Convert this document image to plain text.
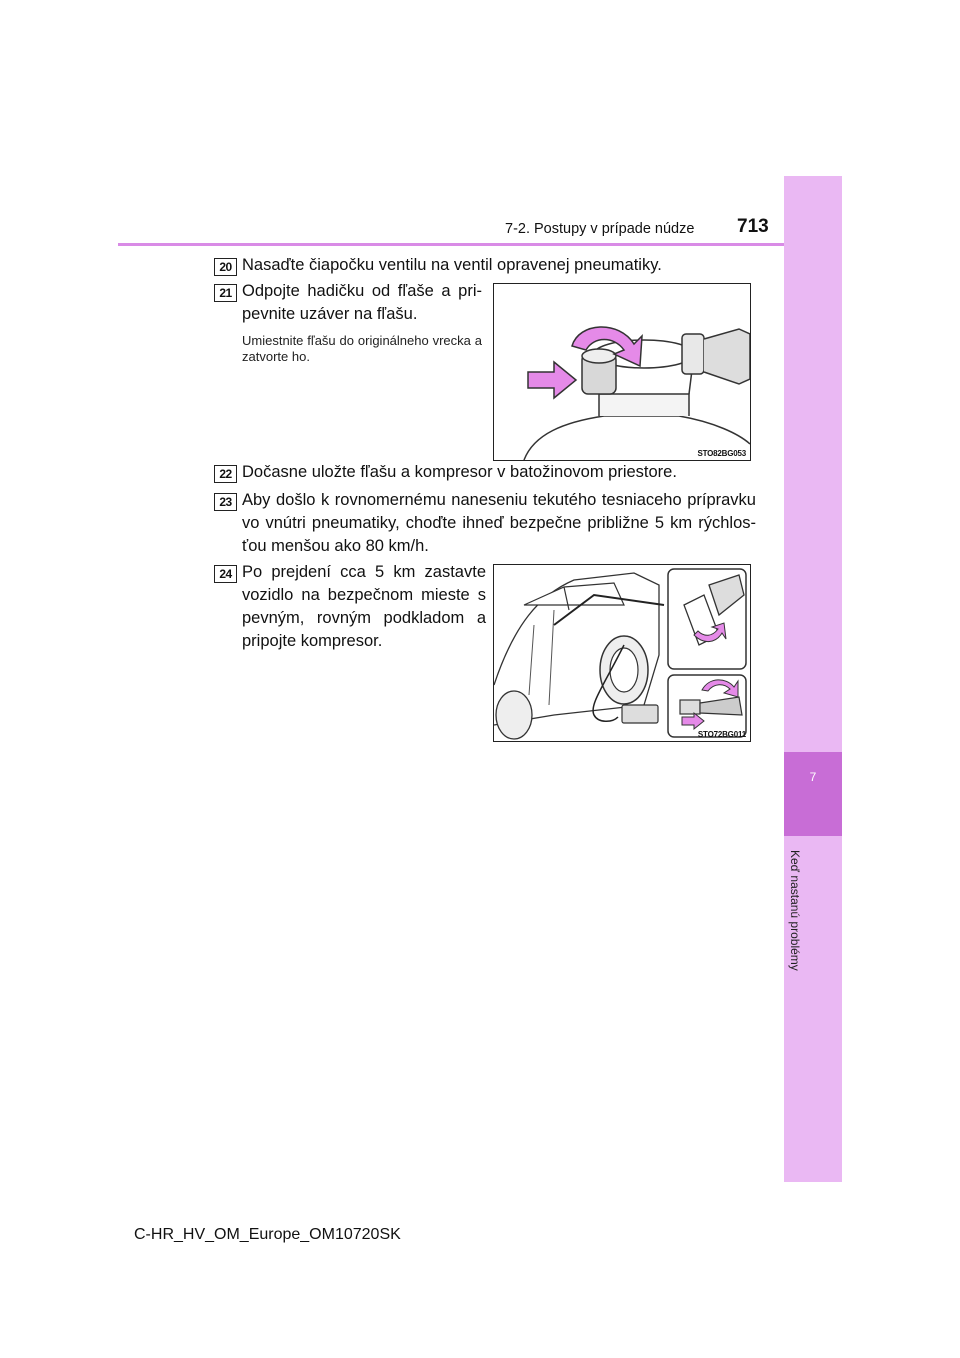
7
Keď nastanú problémy
7-2. Postupy v prípade núdze 713
20 Nasaďte čiapočku ventilu na ventil opravenej pneumatiky.
21 Odpojte hadičku od fľaše a pri-pevnite uzáver na fľašu.
Umiestnite fľašu do originálneho vrecka a zatvorte ho.
STO82BG053
22 Dočasne uložte fľašu a kompresor v batožinovom priestore.
23 Aby došlo k rovnomernému naneseniu tekutého tesniaceho prípravku vo vnútri pneumatiky, choďte ihneď bezpečne približne 5 km rýchlos-ťou menšou ako 80 km/h.
24 Po prejdení cca 5 km zastavte vozidlo na bezpečnom mieste s pevným, rovným podkladom a pripojte kompresor.
STO72BG011
C-HR_HV_OM_Europe_OM10720SK
